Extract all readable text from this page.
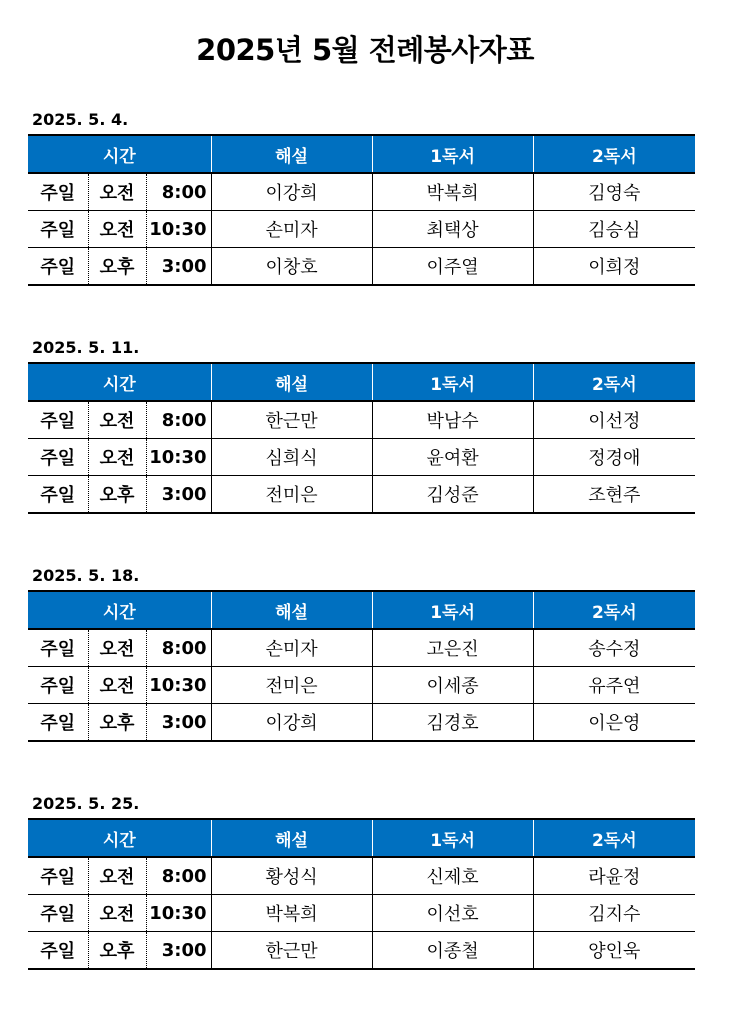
2025년 5월 전례봉사자표
2025. 5. 4.
시간			해설	1독서	2독서
주일	오전	8:00	이강희	박복희	김영숙
주일	오전	10:30	손미자	최택상	김승심
주일	오후	3:00	이창호	이주열	이희정
2025. 5. 11.
시간			해설	1독서	2독서
주일	오전	8:00	한근만	박남수	이선정
주일	오전	10:30	심희식	윤여환	정경애
주일	오후	3:00	전미은	김성준	조현주
2025. 5. 18.
시간			해설	1독서	2독서
주일	오전	8:00	손미자	고은진	송수정
주일	오전	10:30	전미은	이세종	유주연
주일	오후	3:00	이강희	김경호	이은영
2025. 5. 25.
시간			해설	1독서	2독서
주일	오전	8:00	황성식	신제호	라윤정
주일	오전	10:30	박복희	이선호	김지수
주일	오후	3:00	한근만	이종철	양인욱
